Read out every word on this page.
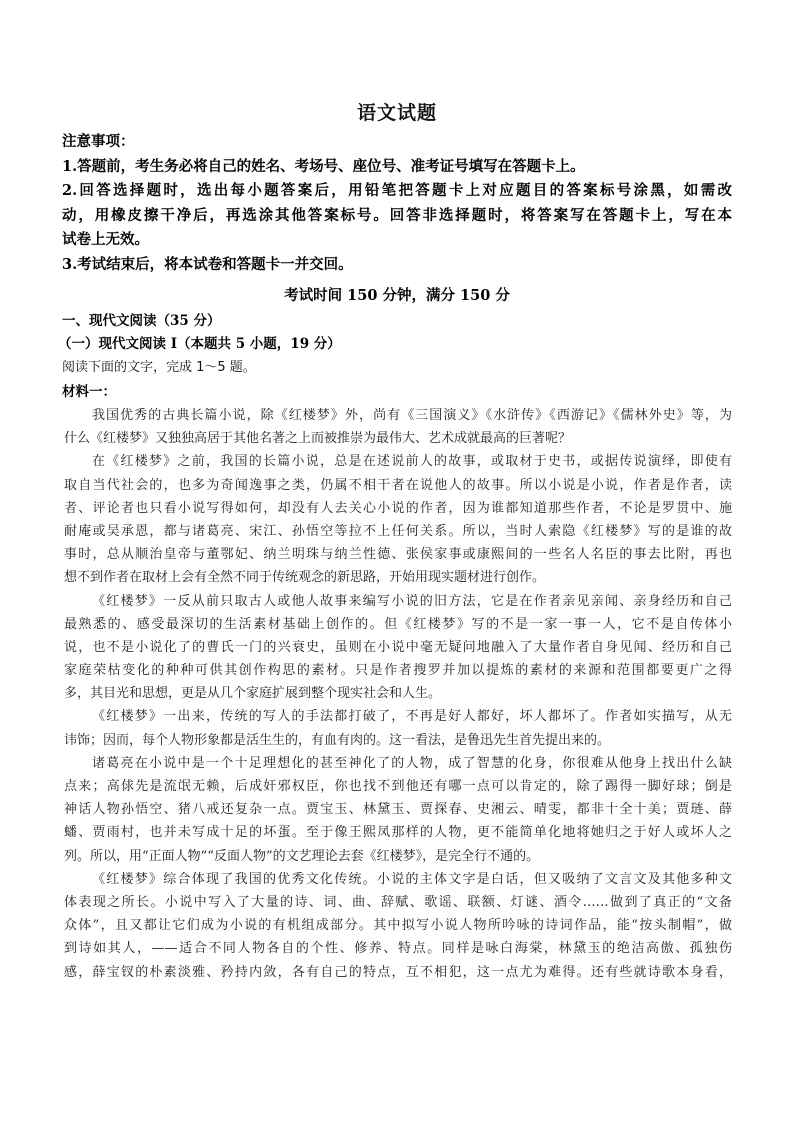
语文试题
注意事项：
1.答题前，考生务必将自己的姓名、考场号、座位号、准考证号填写在答题卡上。
2.回答选择题时，选出每小题答案后，用铅笔把答题卡上对应题目的答案标号涂黑，如需改
动，用橡皮擦干净后，再选涂其他答案标号。回答非选择题时，将答案写在答题卡上，写在本
试卷上无效。
3.考试结束后，将本试卷和答题卡一并交回。
考试时间 150 分钟，满分 150 分
一、现代文阅读（35 分）
（一）现代文阅读 I（本题共 5 小题，19 分）
阅读下面的文字，完成 1～5 题。
材料一：
我国优秀的古典长篇小说，除《红楼梦》外，尚有《三国演义》《水浒传》《西游记》《儒林外史》等，为
什么《红楼梦》又独独高居于其他名著之上而被推崇为最伟大、艺术成就最高的巨著呢？
在《红楼梦》之前，我国的长篇小说，总是在述说前人的故事，或取材于史书，或据传说演绎，即使有
取自当代社会的，也多为奇闻逸事之类，仍属不相干者在说他人的故事。所以小说是小说，作者是作者，读
者、评论者也只看小说写得如何，却没有人去关心小说的作者，因为谁都知道那些作者，不论是罗贯中、施
耐庵或吴承恩，都与诸葛亮、宋江、孙悟空等拉不上任何关系。所以，当时人索隐《红楼梦》写的是谁的故
事时，总从顺治皇帝与董鄂妃、纳兰明珠与纳兰性德、张侯家事或康熙间的一些名人名臣的事去比附，再也
想不到作者在取材上会有全然不同于传统观念的新思路，开始用现实题材进行创作。
《红楼梦》一反从前只取古人或他人故事来编写小说的旧方法，它是在作者亲见亲闻、亲身经历和自己
最熟悉的、感受最深切的生活素材基础上创作的。但《红楼梦》写的不是一家一事一人，它不是自传体小
说，也不是小说化了的曹氏一门的兴衰史，虽则在小说中毫无疑问地融入了大量作者自身见闻、经历和自己
家庭荣枯变化的种种可供其创作构思的素材。只是作者搜罗并加以提炼的素材的来源和范围都要更广之得
多，其目光和思想，更是从几个家庭扩展到整个现实社会和人生。
《红楼梦》一出来，传统的写人的手法都打破了，不再是好人都好，坏人都坏了。作者如实描写，从无
讳饰；因而，每个人物形象都是活生生的，有血有肉的。这一看法，是鲁迅先生首先提出来的。
诸葛亮在小说中是一个十足理想化的甚至神化了的人物，成了智慧的化身，你很难从他身上找出什么缺
点来；高俅先是流氓无赖，后成奸邪权臣，你也找不到他还有哪一点可以肯定的，除了踢得一脚好球；倒是
神话人物孙悟空、猪八戒还复杂一点。贾宝玉、林黛玉、贾探春、史湘云、晴雯，都非十全十美；贾琏、薛
蟠、贾雨村，也并未写成十足的坏蛋。至于像王熙凤那样的人物，更不能简单化地将她归之于好人或坏人之
列。所以，用“正面人物”“反面人物”的文艺理论去套《红楼梦》，是完全行不通的。
《红楼梦》综合体现了我国的优秀文化传统。小说的主体文字是白话，但又吸纳了文言文及其他多种文
体表现之所长。小说中写入了大量的诗、词、曲、辞赋、歌谣、联额、灯谜、酒令……做到了真正的“文备
众体”，且又都让它们成为小说的有机组成部分。其中拟写小说人物所吟咏的诗词作品，能“按头制帽”，做
到诗如其人，——适合不同人物各自的个性、修养、特点。同样是咏白海棠，林黛玉的绝洁高傲、孤独伤
感，薛宝钗的朴素淡雅、矜持内敛，各有自己的特点，互不相犯，这一点尤为难得。还有些就诗歌本身看，
